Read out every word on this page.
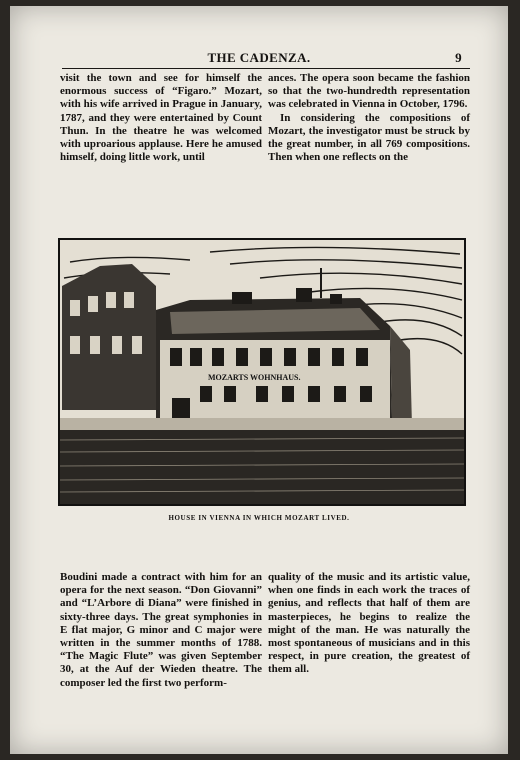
THE CADENZA.	9

visit the town and see for himself the enormous success of “Figaro.” Mozart, with his wife arrived in Prague in January, 1787, and they were entertained by Count Thun. In the theatre he was welcomed with uproarious applause. Here he amused himself, doing little work, until

ances. The opera soon became the fashion so that the two-hundredth representation was celebrated in Vienna in October, 1796.

In considering the compositions of Mozart, the investigator must be struck by the great number, in all 769 compositions. Then when one reflects on the

MOZARTS WOHNHAUS.
HOUSE IN VIENNA IN WHICH MOZART LIVED.

Boudini made a contract with him for an opera for the next season. “Don Giovanni” and “L’Arbore di Diana” were finished in sixty-three days. The great symphonies in E flat major, G minor and C major were written in the summer months of 1788. “The Magic Flute” was given September 30, at the Auf der Wieden theatre. The composer led the first two perform-

quality of the music and its artistic value, when one finds in each work the traces of genius, and reflects that half of them are masterpieces, he begins to realize the might of the man. He was naturally the most spontaneous of musicians and in this respect, in pure creation, the greatest of them all.
